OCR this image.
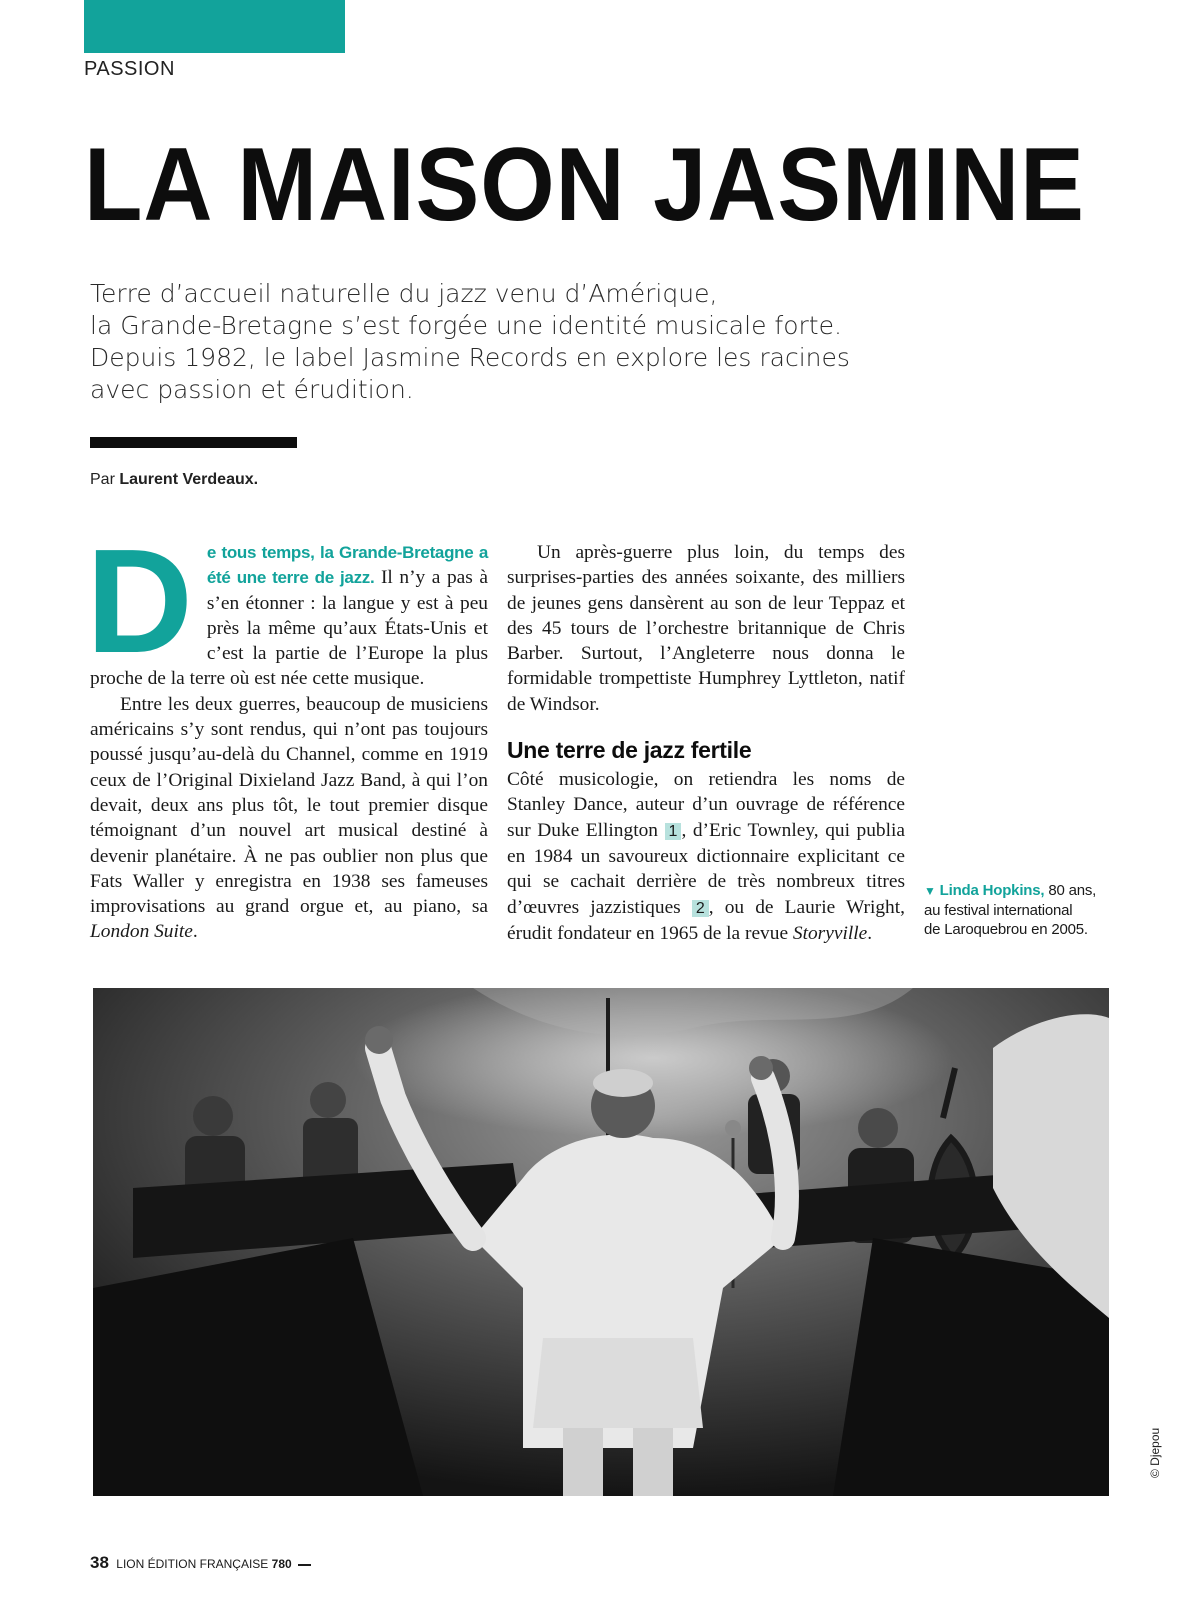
PASSION
LA MAISON JASMINE

Terre d’accueil naturelle du jazz venu d’Amérique,
la Grande-Bretagne s’est forgée une identité musicale forte.
Depuis 1982, le label Jasmine Records en explore les racines
avec passion et érudition.

Par Laurent Verdeaux.

De tous temps, la Grande-Bretagne a été une terre de jazz. Il n’y a pas à s’en étonner : la langue y est à peu près la même qu’aux États-Unis et c’est la partie de l’Europe la plus proche de la terre où est née cette musique.

Entre les deux guerres, beaucoup de musiciens américains s’y sont rendus, qui n’ont pas toujours poussé jusqu’au-delà du Channel, comme en 1919 ceux de l’Original Dixieland Jazz Band, à qui l’on devait, deux ans plus tôt, le tout premier disque témoignant d’un nouvel art musical destiné à devenir planétaire. À ne pas oublier non plus que Fats Waller y enregistra en 1938 ses fameuses improvisations au grand orgue et, au piano, sa London Suite.

Un après-guerre plus loin, du temps des surprises-parties des années soixante, des milliers de jeunes gens dansèrent au son de leur Teppaz et des 45 tours de l’orchestre britannique de Chris Barber. Surtout, l’Angleterre nous donna le formidable trompettiste Humphrey Lyttleton, natif de Windsor.

Une terre de jazz fertile

Côté musicologie, on retiendra les noms de Stanley Dance, auteur d’un ouvrage de référence sur Duke Ellington 1 , d’Eric Townley, qui publia en 1984 un savoureux dictionnaire explicitant ce qui se cachait derrière de très nombreux titres d’œuvres jazzistiques 2 , ou de Laurie Wright, érudit fondateur en 1965 de la revue Storyville.

▼ Linda Hopkins, 80 ans,
au festival international
de Laroquebrou en 2005.
© Djepou
38 LION ÉDITION FRANÇAISE 780
